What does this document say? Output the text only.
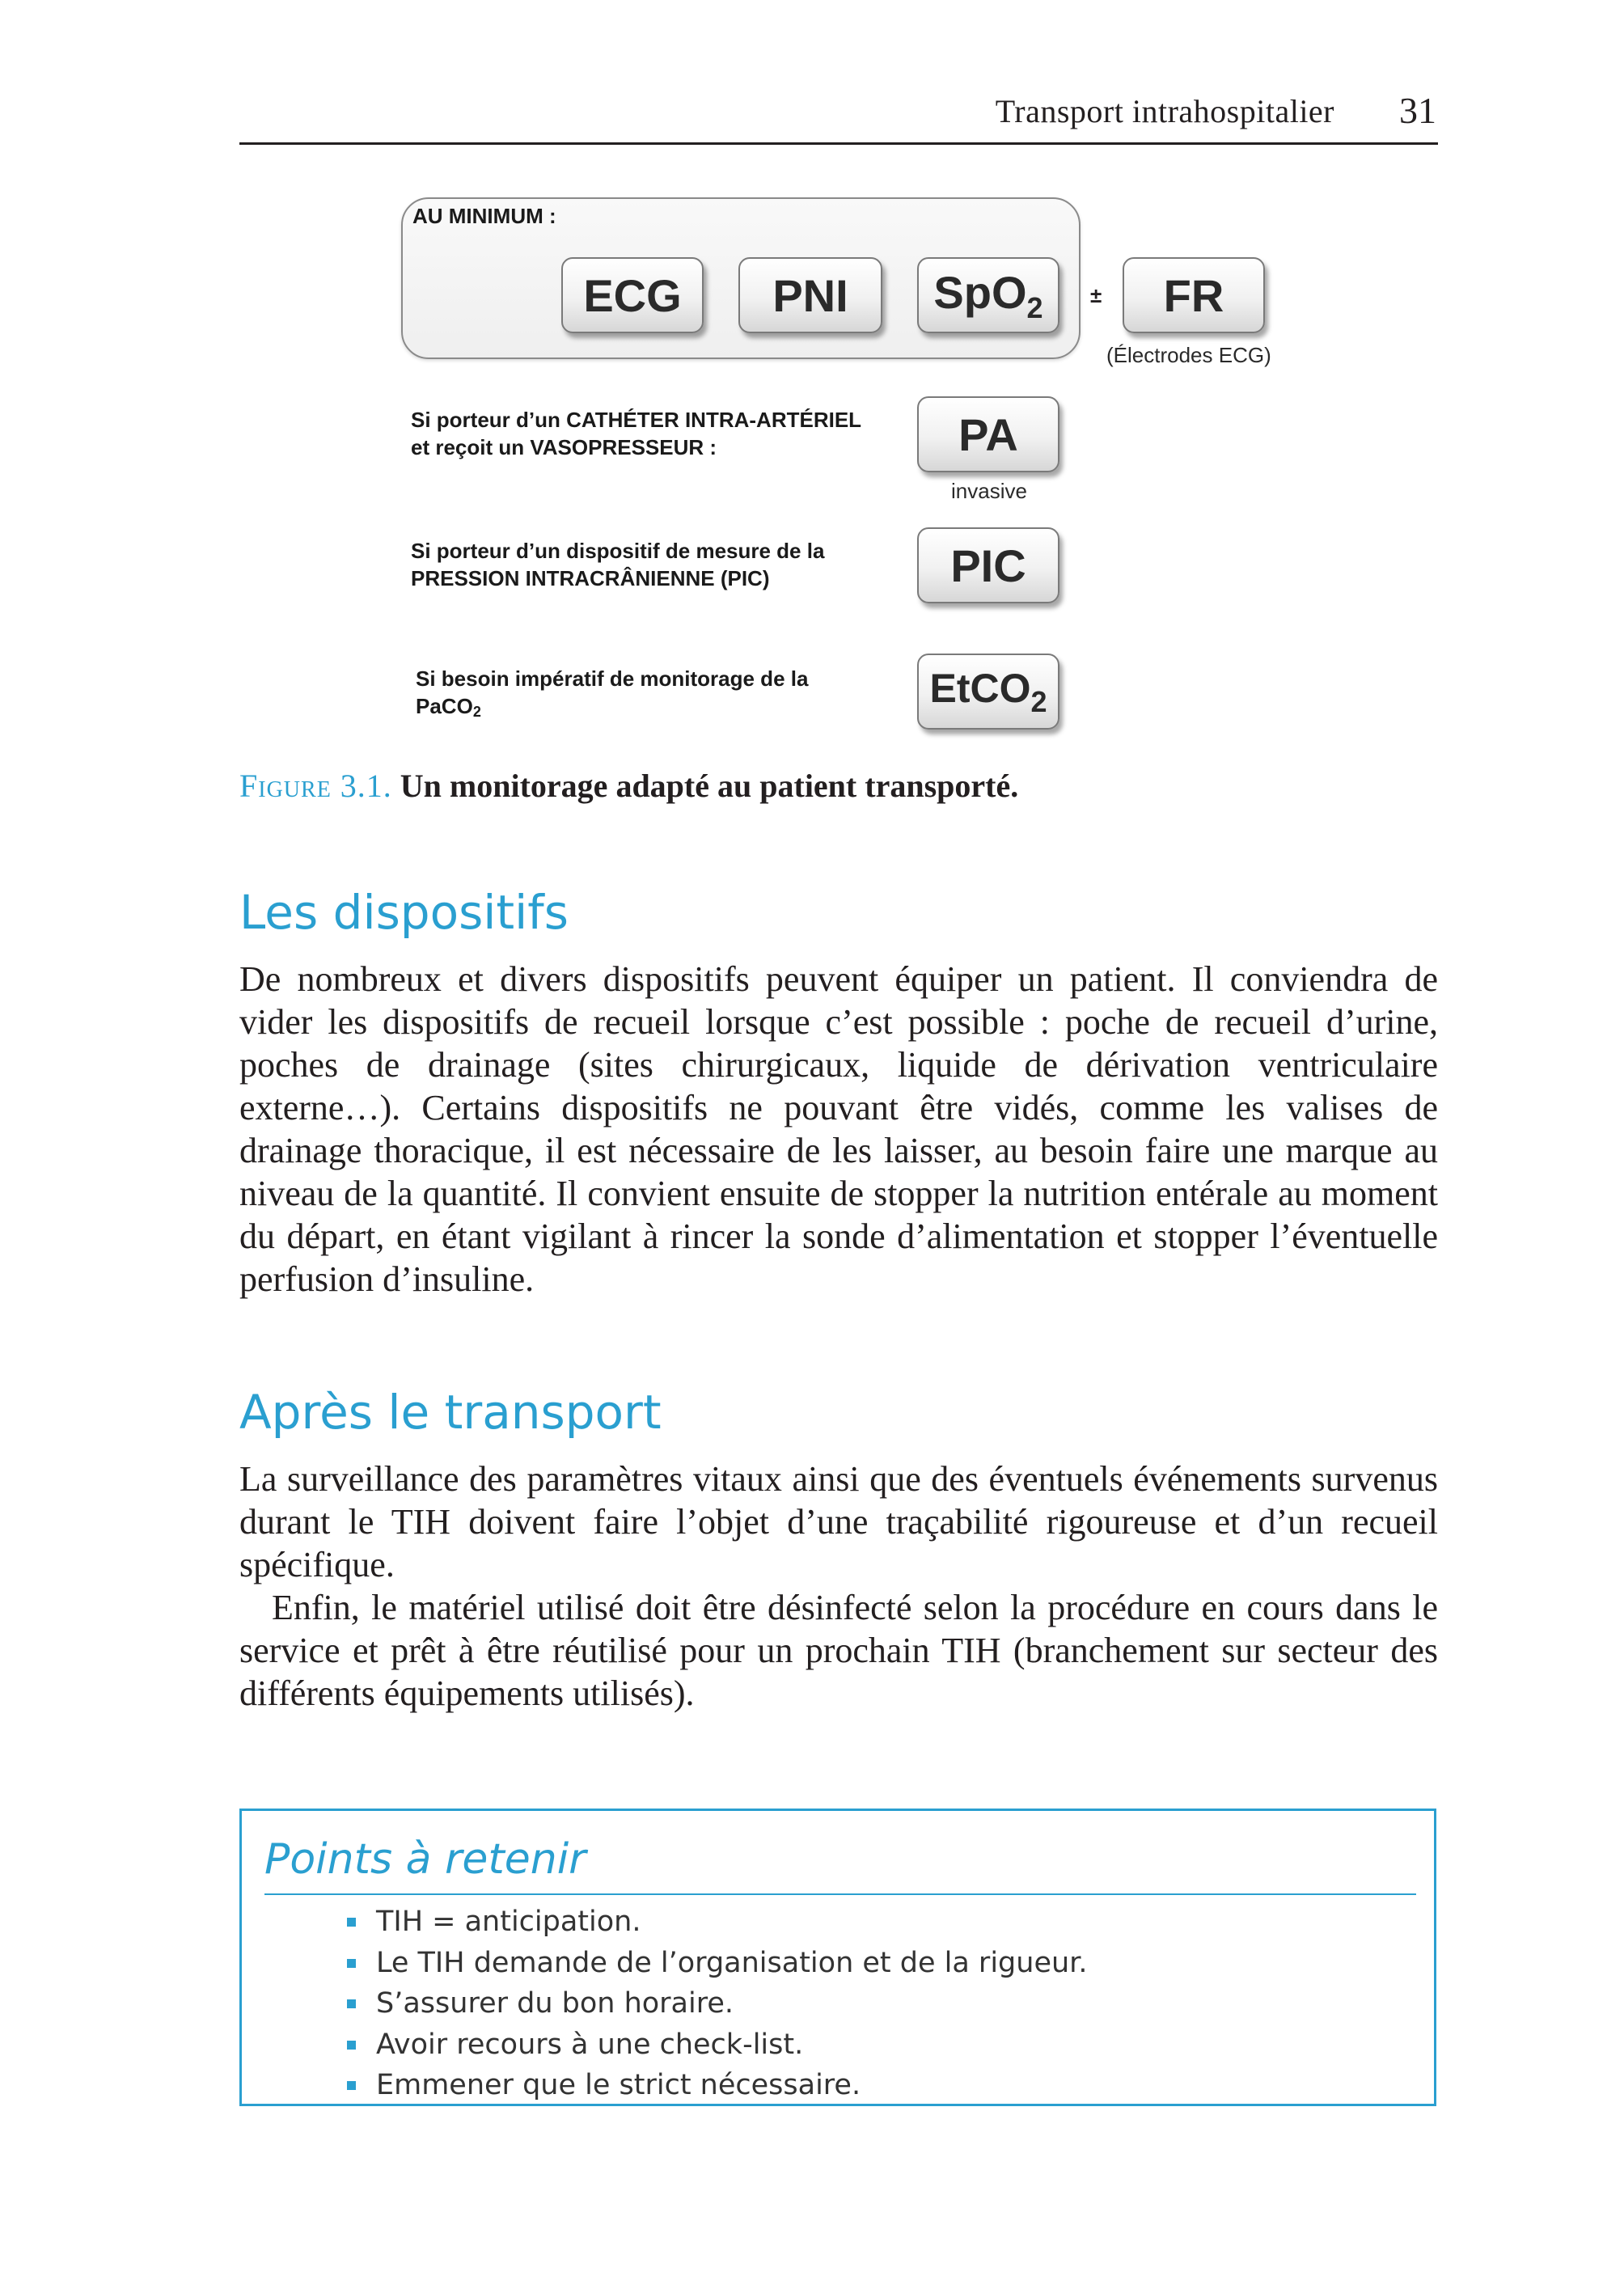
Transport intrahospitalier 31
AU MINIMUM :
ECG PNI SpO$_2$ ± FR
(Électrodes ECG)
Si porteur d’un CATHÉTER INTRA-ARTÉRIEL
et reçoit un VASOPRESSEUR :	PA
invasive
Si porteur d’un dispositif de mesure de la
PRESSION INTRACRÂNIENNE (PIC)	PIC
Si besoin impératif de monitorage de la
PaCO$_2$
EtCO$_2$
Figure 3.1. Un monitorage adapté au patient transporté.
Les dispositifs

De nombreux et divers dispositifs peuvent équiper un patient. Il conviendra de vider les dispositifs de recueil lorsque c’est possible : poche de recueil d’urine, poches de drainage (sites chirurgicaux, liquide de dérivation ventriculaire externe…). Certains dispositifs ne pouvant être vidés, comme les valises de drainage thoracique, il est nécessaire de les laisser, au besoin faire une marque au niveau de la quantité. Il convient ensuite de stopper la nutrition entérale au moment du départ, en étant vigilant à rincer la sonde d’alimentation et stopper l’éventuelle perfusion d’insuline.

Après le transport

La surveillance des paramètres vitaux ainsi que des éventuels événements survenus durant le TIH doivent faire l’objet d’une traçabilité rigoureuse et d’un recueil spécifique.

Enfin, le matériel utilisé doit être désinfecté selon la procédure en cours dans le service et prêt à être réutilisé pour un prochain TIH (branchement sur secteur des différents équipements utilisés).

Points à retenir
TIH = anticipation.
Le TIH demande de l’organisation et de la rigueur.
S’assurer du bon horaire.
Avoir recours à une check-list.
Emmener que le strict nécessaire.
